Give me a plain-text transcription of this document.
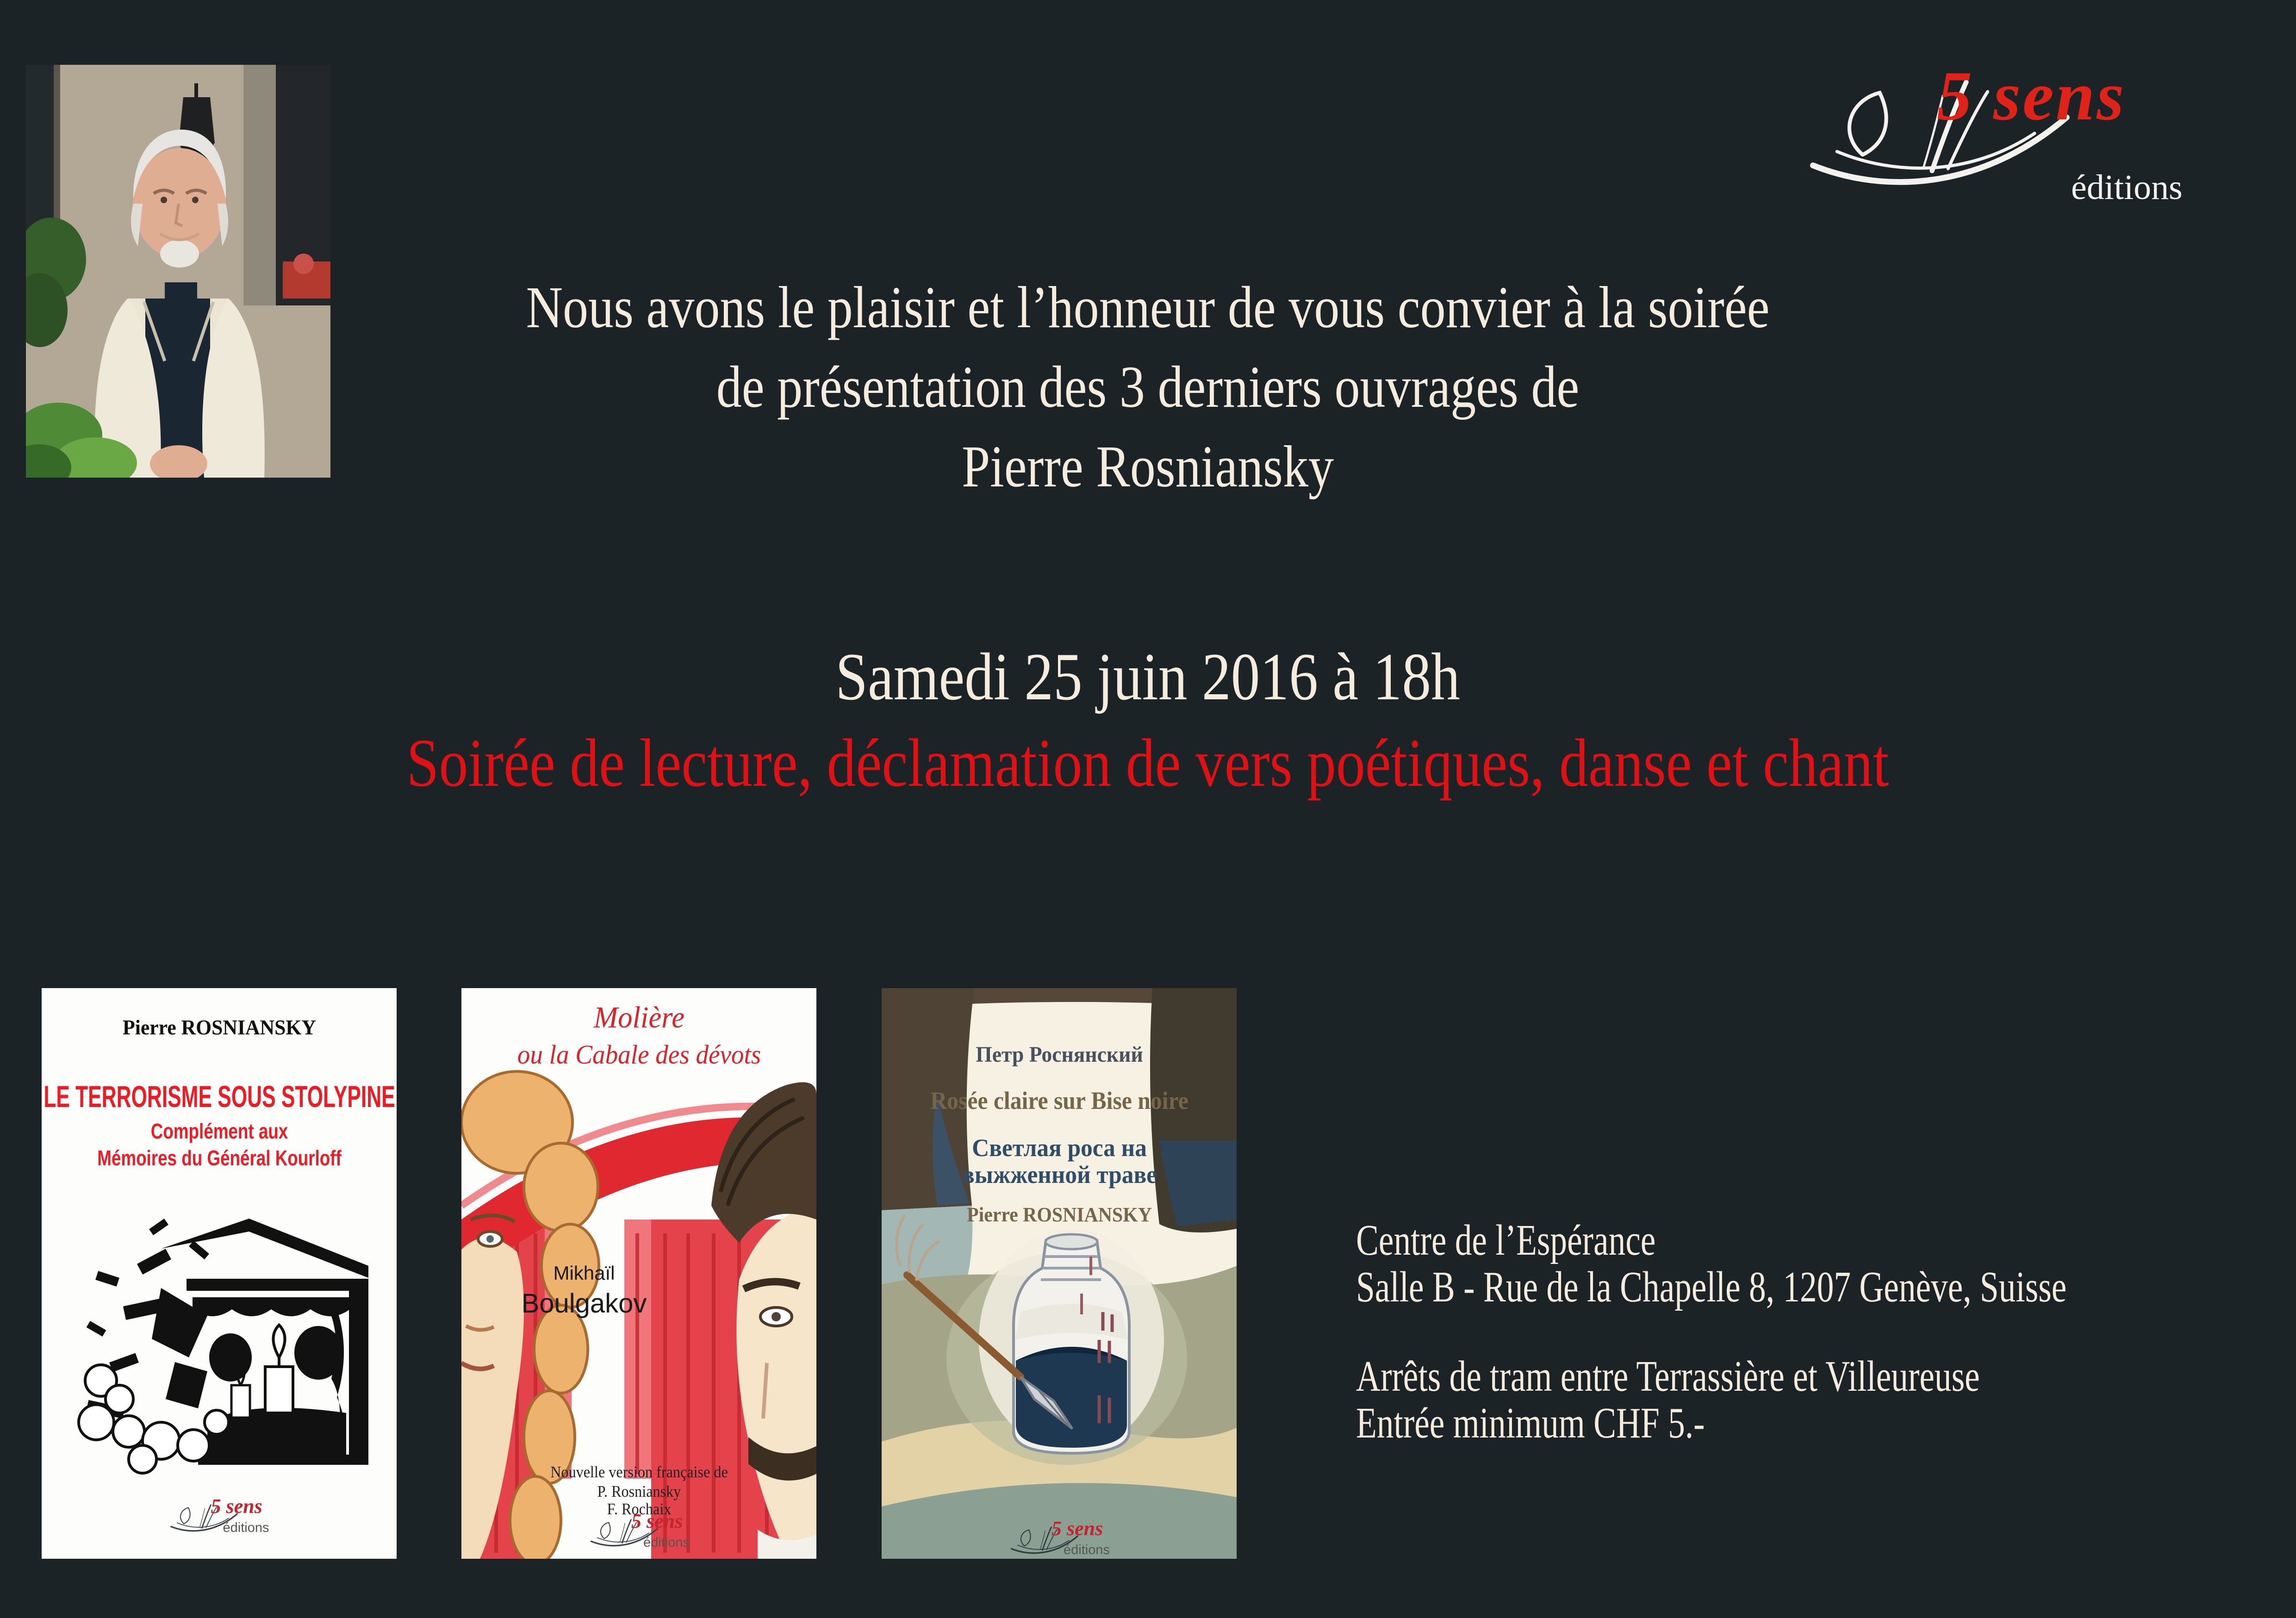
5 sens
éditions
Nous avons le plaisir et l’honneur de vous convier à la soirée
de présentation des 3 derniers ouvrages de
Pierre Rosniansky
Samedi 25 juin 2016 à 18h
Soirée de lecture, déclamation de vers poétiques, danse et chant
Pierre ROSNIANSKY
LE TERRORISME SOUS STOLYPINE
Complément aux
Mémoires du Général Kourloff
5 sens
éditions
Molière
ou la Cabale des dévots
Mikhaïl
Boulgakov
Nouvelle version française de
P. Rosniansky
F. Rochaix
5 sens
éditions
Петр Роснянский
Rosée claire sur Bise noire
Светлая роса на
выжженной траве
Pierre ROSNIANSKY
5 sens
éditions
Centre de l’Espérance
Salle B - Rue de la Chapelle 8, 1207 Genève, Suisse
Arrêts de tram entre Terrassière et Villeureuse
Entrée minimum CHF 5.-
